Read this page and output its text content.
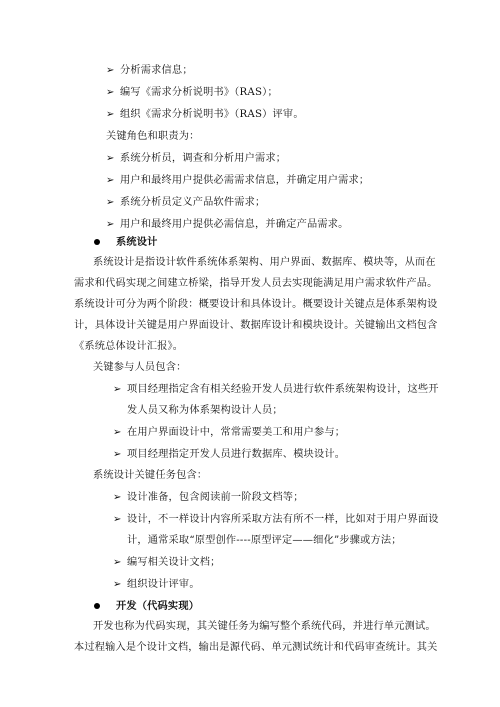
➢ 分析需求信息；
➢ 编写《需求分析说明书》（RAS）；
➢ 组织《需求分析说明书》（RAS）评审。
关键角色和职责为：
➢ 系统分析员，调查和分析用户需求；
➢ 用户和最终用户提供必需需求信息，并确定用户需求；
➢ 系统分析员定义产品软件需求；
➢ 用户和最终用户提供必需信息，并确定产品需求。
系统设计
系统设计是指设计软件系统体系架构、用户界面、数据库、模块等，从而在
需求和代码实现之间建立桥梁，指导开发人员去实现能满足用户需求软件产品。
系统设计可分为两个阶段：概要设计和具体设计。概要设计关键点是体系架构设
计，具体设计关键是用户界面设计、数据库设计和模块设计。关键输出文档包含
《系统总体设计汇报》。
关键参与人员包含：
➢ 项目经理指定含有相关经验开发人员进行软件系统架构设计，这些开
发人员又称为体系架构设计人员；
➢ 在用户界面设计中，常常需要美工和用户参与；
➢ 项目经理指定开发人员进行数据库、模块设计。
系统设计关键任务包含：
➢ 设计准备，包含阅读前一阶段文档等；
➢ 设计，不一样设计内容所采取方法有所不一样，比如对于用户界面设
计，通常采取“原型创作----原型评定——细化”步骤或方法；
➢ 编写相关设计文档；
➢ 组织设计评审。
开发（代码实现）
开发也称为代码实现，其关键任务为编写整个系统代码，并进行单元测试。
本过程输入是个设计文档，输出是源代码、单元测试统计和代码审查统计。其关
